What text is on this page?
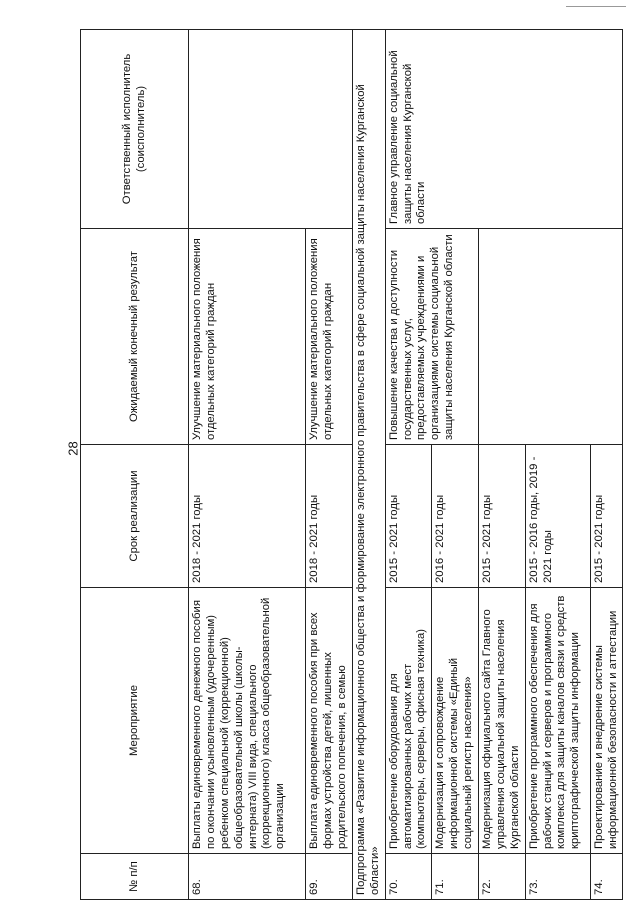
28
№ п/п	Мероприятие	Срок реализации	Ожидаемый конечный результат	Ответственный исполнитель (соисполнитель)
68.	Выплаты единовременного денежного пособия по окончании усыновленным (удочеренным) ребенком специальной (коррекционной) общеобразовательной школы (школы-интерната) VIII вида, специального (коррекционного) класса общеобразовательной организации	2018 - 2021 годы	Улучшение материального положения отдельных категорий граждан	
69.	Выплата единовременного пособия при всех формах устройства детей, лишенных родительского попечения, в семью	2018 - 2021 годы	Улучшение материального положения отдельных категорий граждан	
Подпрограмма «Развитие информационного общества и формирование электронного правительства в сфере социальной защиты населения Курганской области»				
70.	Приобретение оборудования для автоматизированных рабочих мест (компьютеры, серверы, офисная техника)	2015 - 2021 годы	Повышение качества и доступности государственных услуг, предоставляемых учреждениями и организациями системы социальной защиты населения Курганской области	Главное управление социальной защиты населения Курганской области
71.	Модернизация и сопровождение информационной системы «Единый социальный регистр населения»	2016 - 2021 годы		
72.	Модернизация официального сайта Главного управления социальной защиты населения Курганской области	2015 - 2021 годы		
73.	Приобретение программного обеспечения для рабочих станций и серверов и программного комплекса для защиты каналов связи и средств криптографической защиты информации	2015 - 2016 годы, 2019 - 2021 годы		
74.	Проектирование и внедрение системы информационной безопасности и аттестации	2015 - 2021 годы		
